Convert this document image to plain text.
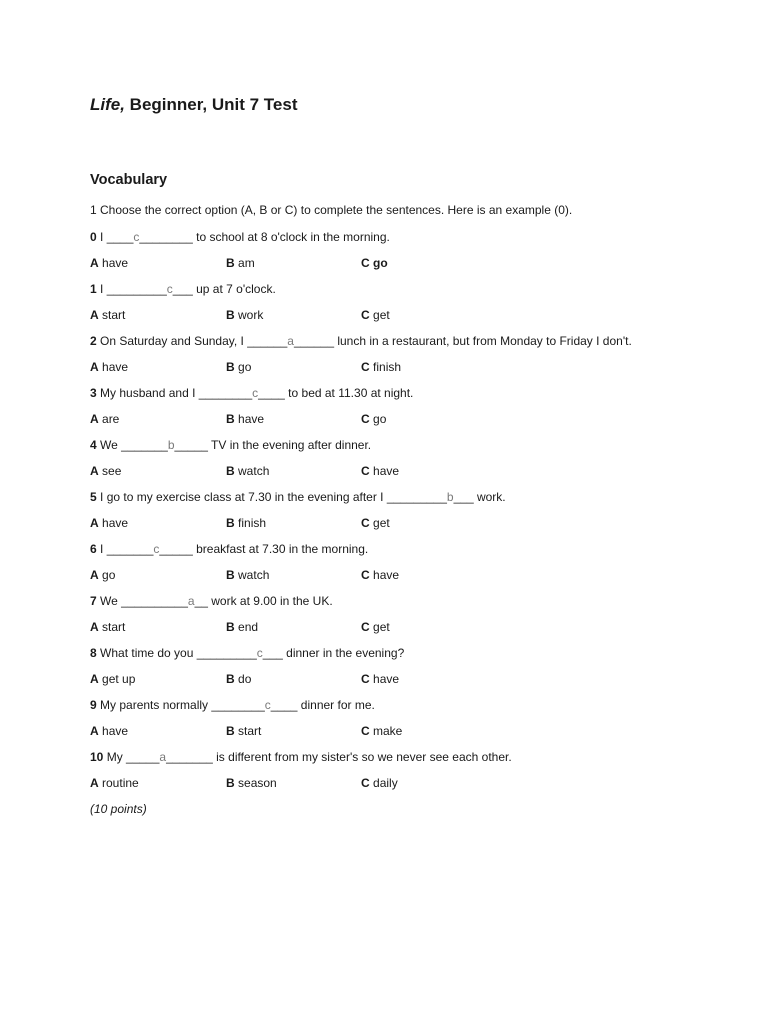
Life, Beginner, Unit 7 Test
Vocabulary
1 Choose the correct option (A, B or C) to complete the sentences. Here is an example (0).
0 I ____c________ to school at 8 o'clock in the morning.
A have	B am	C go
1 I _________c___ up at 7 o'clock.
A start	B work	C get
2 On Saturday and Sunday, I ______a______ lunch in a restaurant, but from Monday to Friday I don't.
A have	B go	C finish
3 My husband and I ________c____ to bed at 11.30 at night.
A are	B have	C go
4 We _______b_____ TV in the evening after dinner.
A see	B watch	C have
5 I go to my exercise class at 7.30 in the evening after I _________b___ work.
A have	B finish	C get
6 I _______c_____ breakfast at 7.30 in the morning.
A go	B watch	C have
7 We __________a__ work at 9.00 in the UK.
A start	B end	C get
8 What time do you _________c___ dinner in the evening?
A get up	B do	C have
9 My parents normally ________c____ dinner for me.
A have	B start	C make
10 My _____a_______ is different from my sister's so we never see each other.
A routine	B season	C daily
(10 points)
